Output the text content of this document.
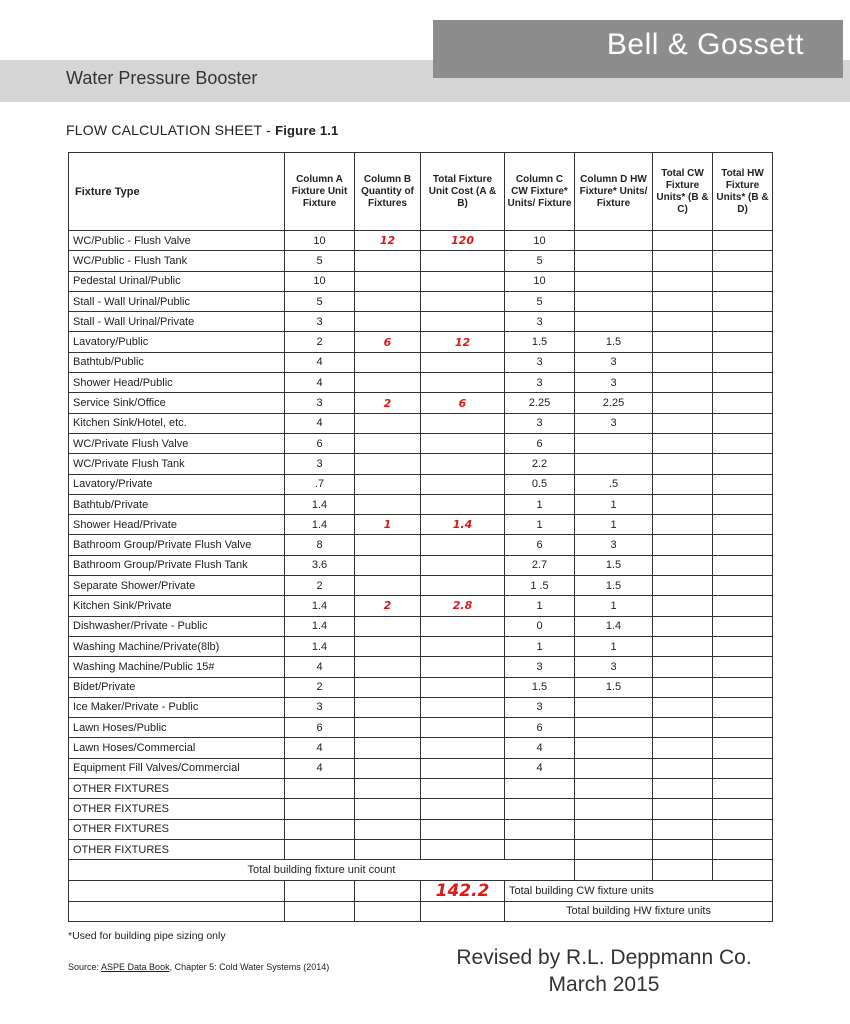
Bell & Gossett
Water Pressure Booster
FLOW CALCULATION SHEET - Figure 1.1
Fixture Type	Column A Fixture Unit Fixture	Column B Quantity of Fixtures	Total Fixture Unit Cost (A & B)	Column C CW Fixture* Units/ Fixture	Column D HW Fixture* Units/ Fixture	Total CW Fixture Units* (B & C)	Total HW Fixture Units* (B & D)
WC/Public - Flush Valve	10	12	120	10			
WC/Public - Flush Tank	5			5			
Pedestal Urinal/Public	10			10			
Stall - Wall Urinal/Public	5			5			
Stall - Wall Urinal/Private	3			3			
Lavatory/Public	2	6	12	1.5	1.5		
Bathtub/Public	4			3	3		
Shower Head/Public	4			3	3		
Service Sink/Office	3	2	6	2.25	2.25		
Kitchen Sink/Hotel, etc.	4			3	3		
WC/Private Flush Valve	6			6			
WC/Private Flush Tank	3			2.2			
Lavatory/Private	.7			0.5	.5		
Bathtub/Private	1.4			1	1		
Shower Head/Private	1.4	1	1.4	1	1		
Bathroom Group/Private Flush Valve	8			6	3		
Bathroom Group/Private Flush Tank	3.6			2.7	1.5		
Separate Shower/Private	2			1 .5	1.5		
Kitchen Sink/Private	1.4	2	2.8	1	1		
Dishwasher/Private - Public	1.4			0	1.4		
Washing Machine/Private(8lb)	1.4			1	1		
Washing Machine/Public 15#	4			3	3		
Bidet/Private	2			1.5	1.5		
Ice Maker/Private - Public	3			3			
Lawn Hoses/Public	6			6			
Lawn Hoses/Commercial	4			4			
Equipment Fill Valves/Commercial	4			4			
OTHER FIXTURES							
OTHER FIXTURES							
OTHER FIXTURES							
OTHER FIXTURES							
Total building fixture unit count							
			142.2	Total building CW fixture units			
				Total building HW fixture units			
*Used for building pipe sizing only
Source: ASPE Data Book, Chapter 5: Cold Water Systems (2014)	Revised by R.L. Deppmann Co.
March 2015
